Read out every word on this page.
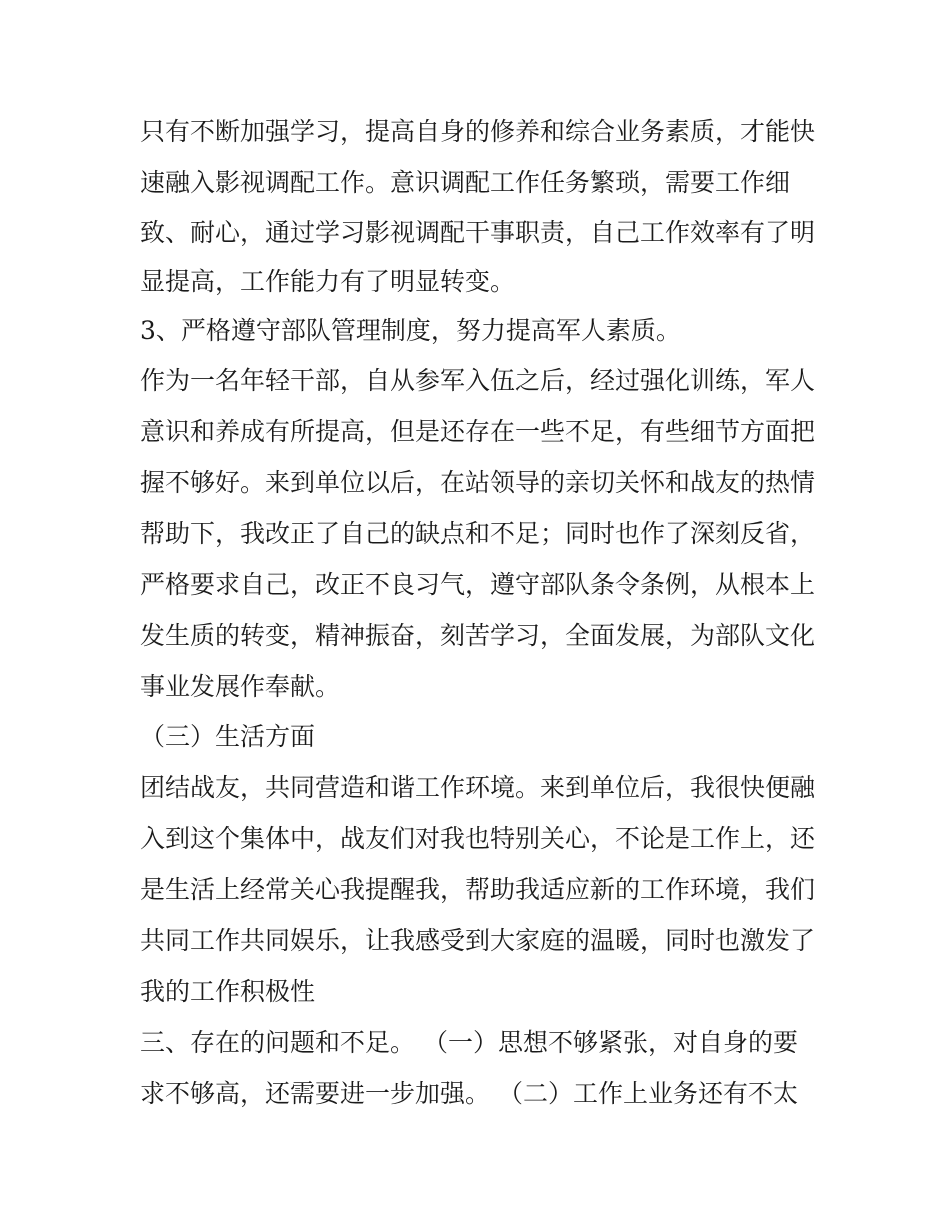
只有不断加强学习，提高自身的修养和综合业务素质，才能快
速融入影视调配工作。意识调配工作任务繁琐，需要工作细
致、耐心，通过学习影视调配干事职责，自己工作效率有了明
显提高，工作能力有了明显转变。
3、严格遵守部队管理制度，努力提高军人素质。
作为一名年轻干部，自从参军入伍之后，经过强化训练，军人
意识和养成有所提高，但是还存在一些不足，有些细节方面把
握不够好。来到单位以后，在站领导的亲切关怀和战友的热情
帮助下，我改正了自己的缺点和不足；同时也作了深刻反省，
严格要求自己，改正不良习气，遵守部队条令条例，从根本上
发生质的转变，精神振奋，刻苦学习，全面发展，为部队文化
事业发展作奉献。
（三）生活方面
团结战友，共同营造和谐工作环境。来到单位后，我很快便融
入到这个集体中，战友们对我也特别关心，不论是工作上，还
是生活上经常关心我提醒我，帮助我适应新的工作环境，我们
共同工作共同娱乐，让我感受到大家庭的温暖，同时也激发了
我的工作积极性
三、存在的问题和不足。 （一）思想不够紧张，对自身的要
求不够高，还需要进一步加强。 （二）工作上业务还有不太
